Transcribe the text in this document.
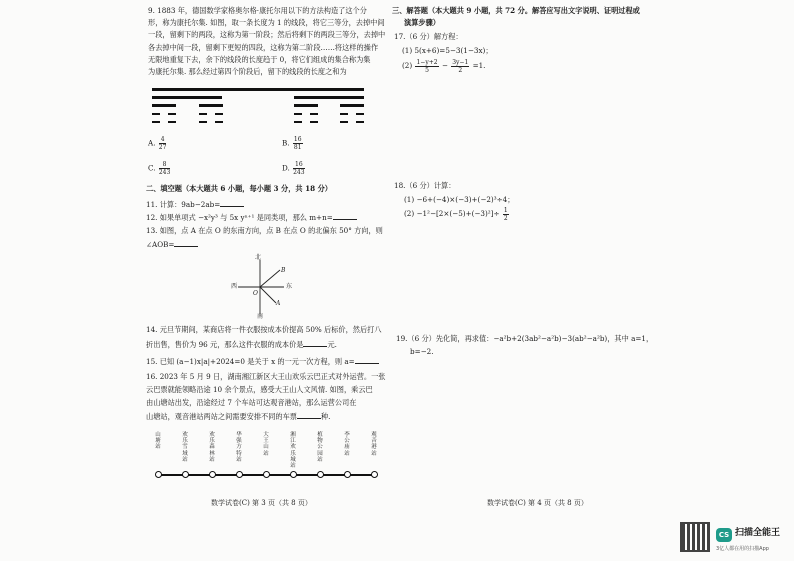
9. 1883 年，德国数学家格奥尔格·康托尔用以下的方法构造了这个分
形，称为康托尔集. 如图，取一条长度为 1 的线段，将它三等分，去掉中间
一段，留剩下的两段，这称为第一阶段；然后将剩下的两段三等分，去掉中
各去掉中间一段，留剩下更短的四段，这称为第二阶段……将这样的操作
无限地重复下去，余下的线段的长度趋于 0，将它们组成的集合称为集
为康托尔集. 那么经过第四个阶段后，留下的线段的长度之和为
A. $\frac{4}{27}$	B. $\frac{16}{81}$
C. $\frac{8}{243}$	D. $\frac{16}{243}$
二、填空题（本大题共 6 小题，每小题 3 分，共 18 分）
11. 计算：9ab−2ab=
12. 如果单项式 −x²y³ 与 5x yⁿ⁺¹ 是同类项，那么 m+n=
13. 如图，点 A 在点 O 的东南方向，点 B 在点 O 的北偏东 50° 方向，则
∠AOB=
北
南
西	东
O
A
B
14. 元旦节期间，某商店将一件衣服按成本价提高 50% 后标价，然后打八
折出售，售价为 96 元，那么这件衣服的成本价是	元.
15. 已知 (a−1)x|a|+2024=0 是关于 x 的一元一次方程，则 a=
16. 2023 年 5 月 9 日，湖南湘江新区大王山欢乐云巴正式对外运营。一张
云巴票就能领略沿途 10 余个景点，感受大王山人文风情. 如图，乘云巴
由山塘站出发，沿途经过 7 个车站可达观音港站，那么运营公司在
山塘站，观音港站两站之间需要安排不同的车票	种.
山塘站
欢乐雪域站
欢乐森林站
华强方特站
大王山站
湘江欢乐城站
植物公园站
李公庙站
观音港站
数学试卷(C) 第 3 页（共 8 页）
三、解答题（本大题共 9 小题，共 72 分。解答应写出文字说明、证明过程或
演算步骤）
17.（6 分）解方程：
(1) 5(x+6)=5−3(1−3x)；
$(2) \frac{1-y+2}{5} - \frac{3y-1}{2} =1$.
18.（6 分）计算：
(1) −6+(−4)×(−3)+(−2)³÷4；
$(2) -1^2-[2\times(-5)+(-3)^2]\div \frac{1}{2}$
19.（6 分）先化简，再求值：−a²b+2(3ab²−a²b)−3(ab²−a²b)，其中 a=1，
b=−2.
数学试卷(C) 第 4 页（共 8 页）
CS 扫描全能王
3亿人都在用的扫描App
